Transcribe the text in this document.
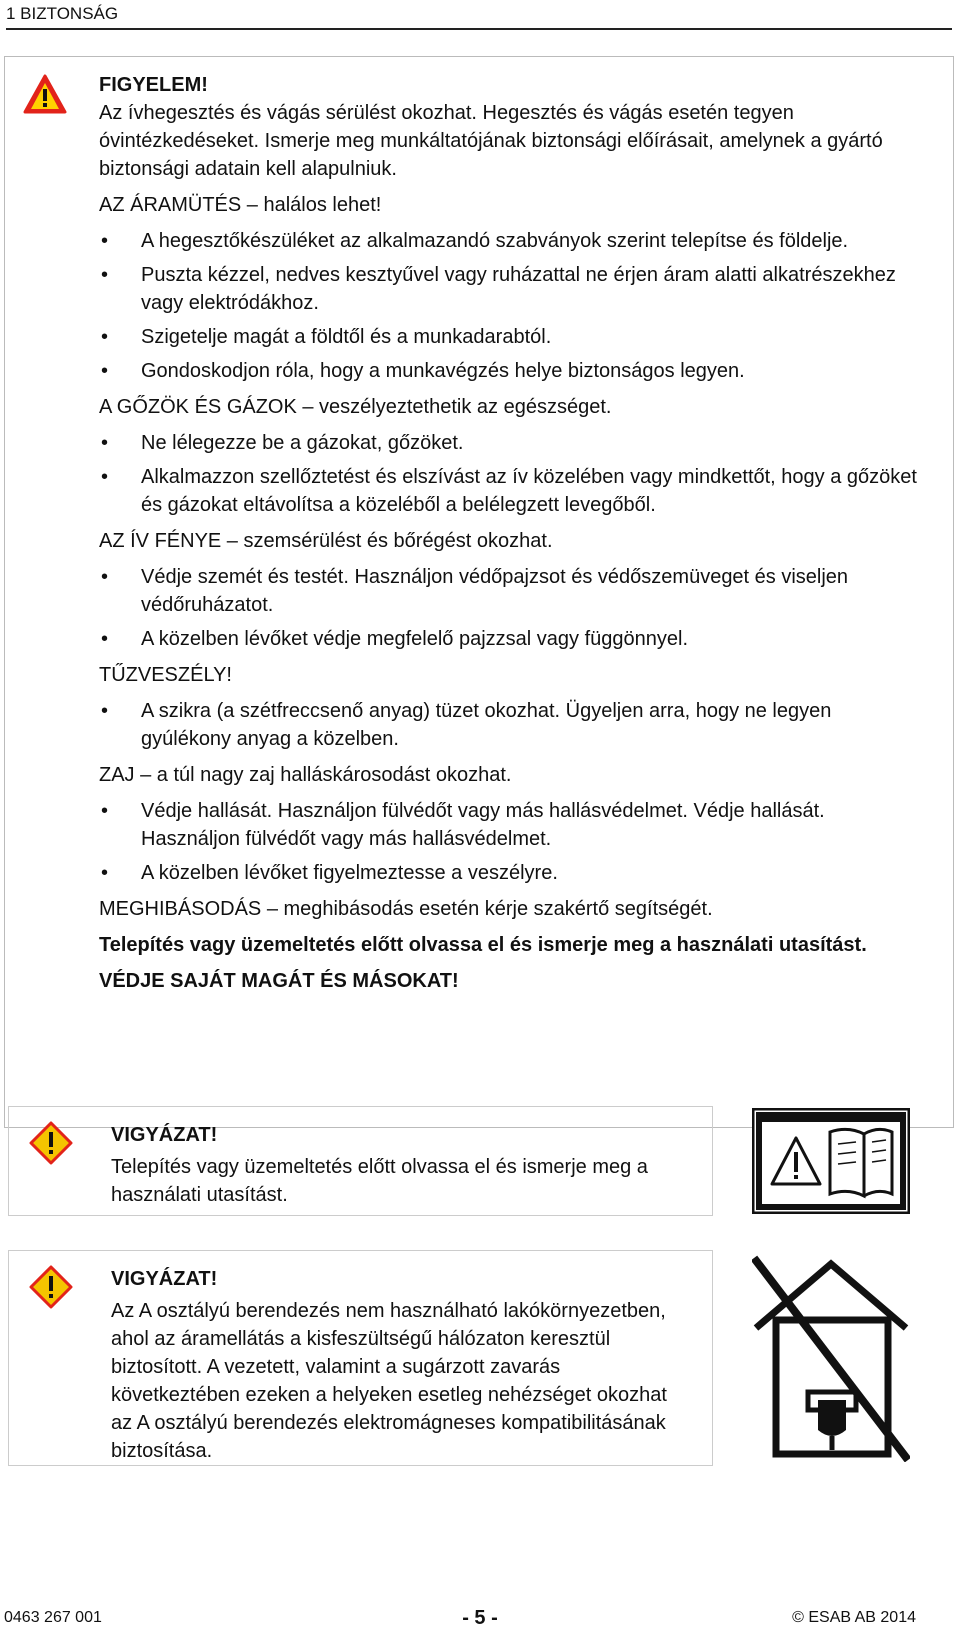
1 BIZTONSÁG

FIGYELEM!

Az ívhegesztés és vágás sérülést okozhat. Hegesztés és vágás esetén tegyen óvintézkedéseket. Ismerje meg munkáltatójának biztonsági előírásait, amelynek a gyártó biztonsági adatain kell alapulniuk.

AZ ÁRAMÜTÉS – halálos lehet!

• A hegesztőkészüléket az alkalmazandó szabványok szerint telepítse és földelje.
• Puszta kézzel, nedves kesztyűvel vagy ruházattal ne érjen áram alatti alkatrészekhez vagy elektródákhoz.
• Szigetelje magát a földtől és a munkadarabtól.
• Gondoskodjon róla, hogy a munkavégzés helye biztonságos legyen.

A GŐZÖK ÉS GÁZOK – veszélyeztethetik az egészséget.

• Ne lélegezze be a gázokat, gőzöket.
• Alkalmazzon szellőztetést és elszívást az ív közelében vagy mindkettőt, hogy a gőzöket és gázokat eltávolítsa a közeléből a belélegzett levegőből.

AZ ÍV FÉNYE – szemsérülést és bőrégést okozhat.

• Védje szemét és testét. Használjon védőpajzsot és védőszemüveget és viseljen védőruházatot.
• A közelben lévőket védje megfelelő pajzzsal vagy függönnyel.

TŰZVESZÉLY!

• A szikra (a szétfreccsenő anyag) tüzet okozhat. Ügyeljen arra, hogy ne legyen gyúlékony anyag a közelben.

ZAJ – a túl nagy zaj halláskárosodást okozhat.

• Védje hallását. Használjon fülvédőt vagy más hallásvédelmet. Védje hallását. Használjon fülvédőt vagy más hallásvédelmet.
• A közelben lévőket figyelmeztesse a veszélyre.

MEGHIBÁSODÁS – meghibásodás esetén kérje szakértő segítségét.

Telepítés vagy üzemeltetés előtt olvassa el és ismerje meg a használati utasítást.

VÉDJE SAJÁT MAGÁT ÉS MÁSOKAT!

VIGYÁZAT!

Telepítés vagy üzemeltetés előtt olvassa el és ismerje meg a használati utasítást.

VIGYÁZAT!

Az A osztályú berendezés nem használható lakókörnyezetben, ahol az áramellátás a kisfeszültségű hálózaton keresztül biztosított. A vezetett, valamint a sugárzott zavarás következtében ezeken a helyeken esetleg nehézséget okozhat az A osztályú berendezés elektromágneses kompatibilitásának biztosítása.

0463 267 001	- 5 -	© ESAB AB 2014
